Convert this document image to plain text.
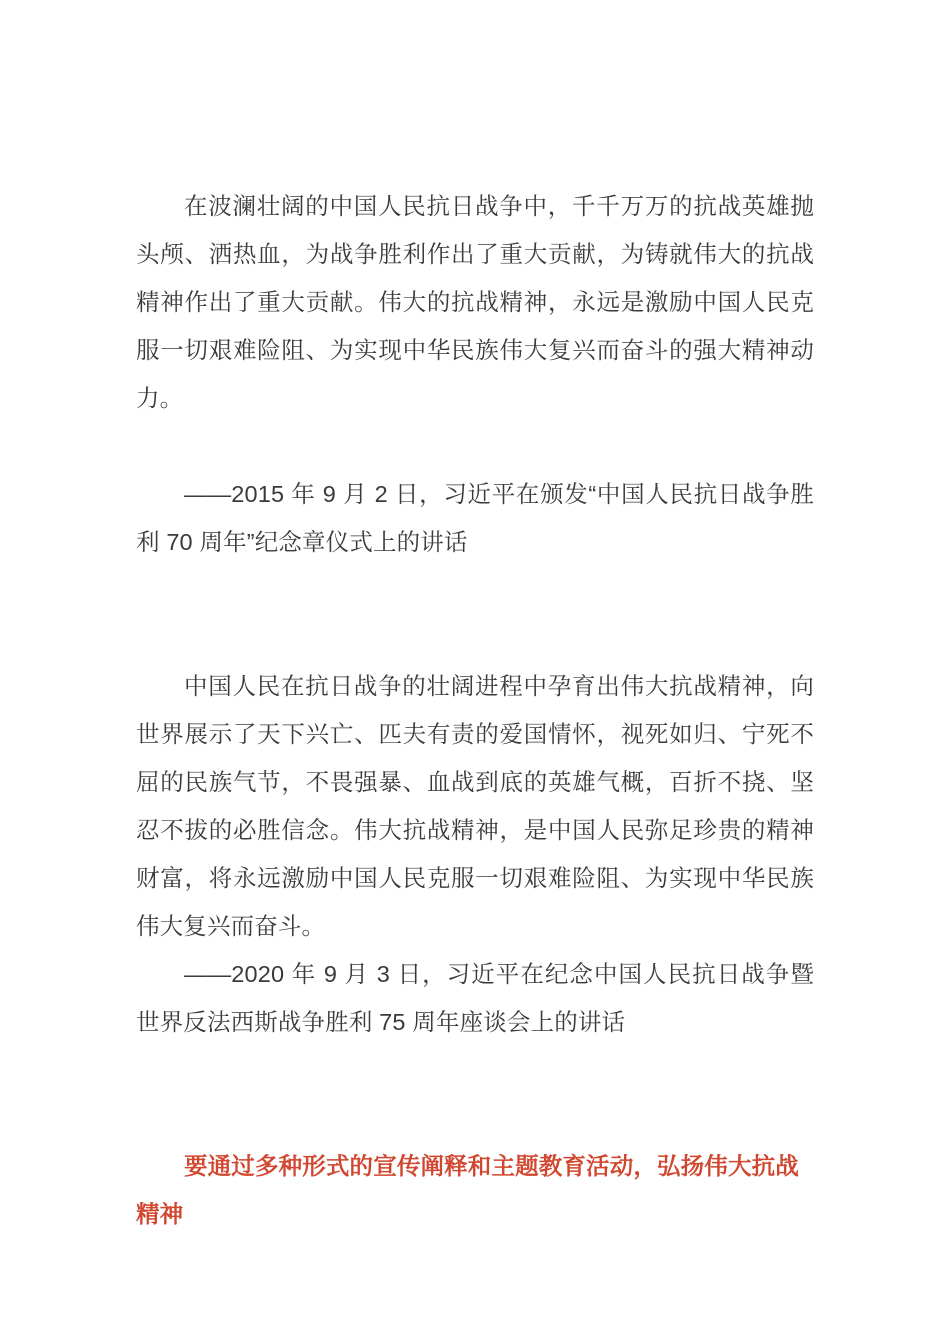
在波澜壮阔的中国人民抗日战争中，千千万万的抗战英雄抛头颅、洒热血，为战争胜利作出了重大贡献，为铸就伟大的抗战精神作出了重大贡献。伟大的抗战精神，永远是激励中国人民克服一切艰难险阻、为实现中华民族伟大复兴而奋斗的强大精神动力。

——2015 年 9 月 2 日，习近平在颁发“中国人民抗日战争胜利 70 周年”纪念章仪式上的讲话

中国人民在抗日战争的壮阔进程中孕育出伟大抗战精神，向世界展示了天下兴亡、匹夫有责的爱国情怀，视死如归、宁死不屈的民族气节，不畏强暴、血战到底的英雄气概，百折不挠、坚忍不拔的必胜信念。伟大抗战精神，是中国人民弥足珍贵的精神财富，将永远激励中国人民克服一切艰难险阻、为实现中华民族伟大复兴而奋斗。

——2020 年 9 月 3 日，习近平在纪念中国人民抗日战争暨世界反法西斯战争胜利 75 周年座谈会上的讲话

要通过多种形式的宣传阐释和主题教育活动，弘扬伟大抗战精神
